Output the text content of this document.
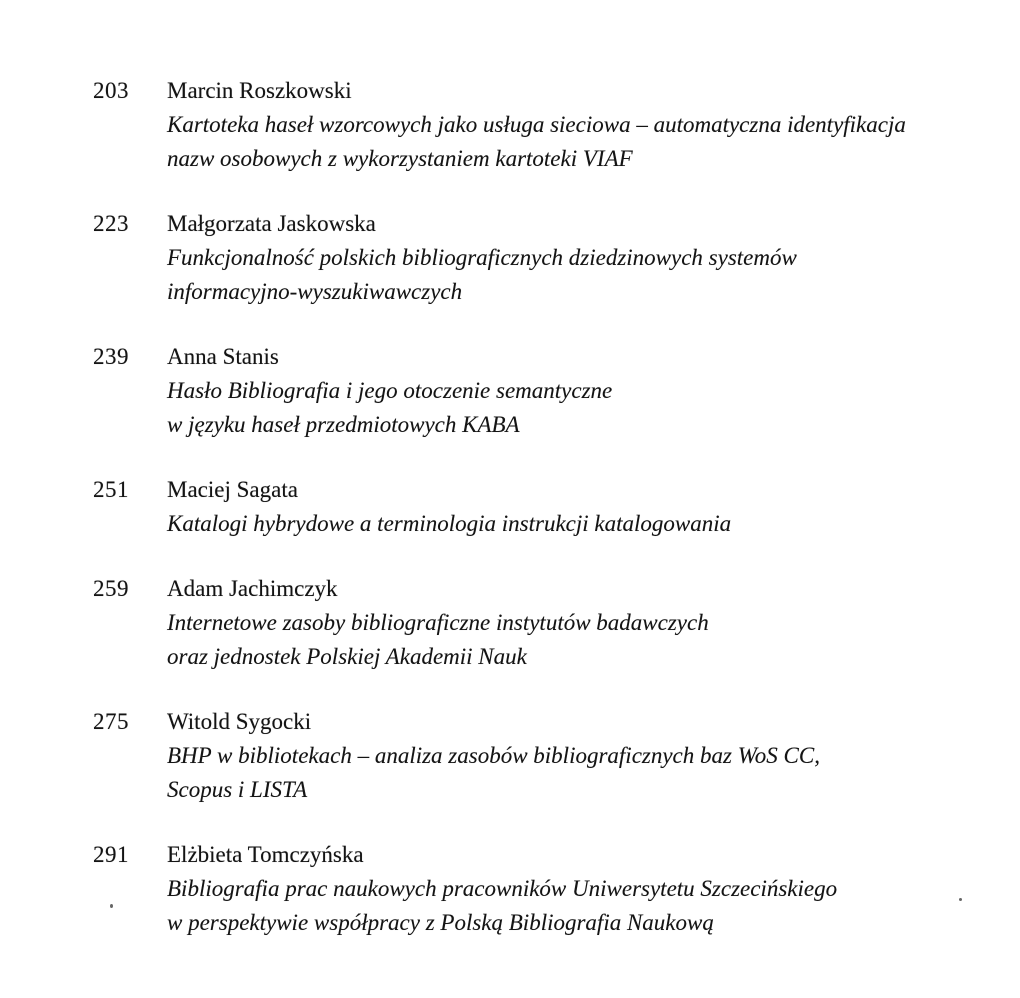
203	Marcin Roszkowski
Kartoteka haseł wzorcowych jako usługa sieciowa – automatyczna identyfikacja
nazw osobowych z wykorzystaniem kartoteki VIAF
223	Małgorzata Jaskowska
Funkcjonalność polskich bibliograficznych dziedzinowych systemów
informacyjno-wyszukiwawczych
239	Anna Stanis
Hasło Bibliografia i jego otoczenie semantyczne
w języku haseł przedmiotowych KABA
251	Maciej Sagata
Katalogi hybrydowe a terminologia instrukcji katalogowania
259	Adam Jachimczyk
Internetowe zasoby bibliograficzne instytutów badawczych
oraz jednostek Polskiej Akademii Nauk
275	Witold Sygocki
BHP w bibliotekach – analiza zasobów bibliograficznych baz WoS CC,
Scopus i LISTA
291	Elżbieta Tomczyńska
Bibliografia prac naukowych pracowników Uniwersytetu Szczecińskiego
w perspektywie współpracy z Polską Bibliografia Naukową
